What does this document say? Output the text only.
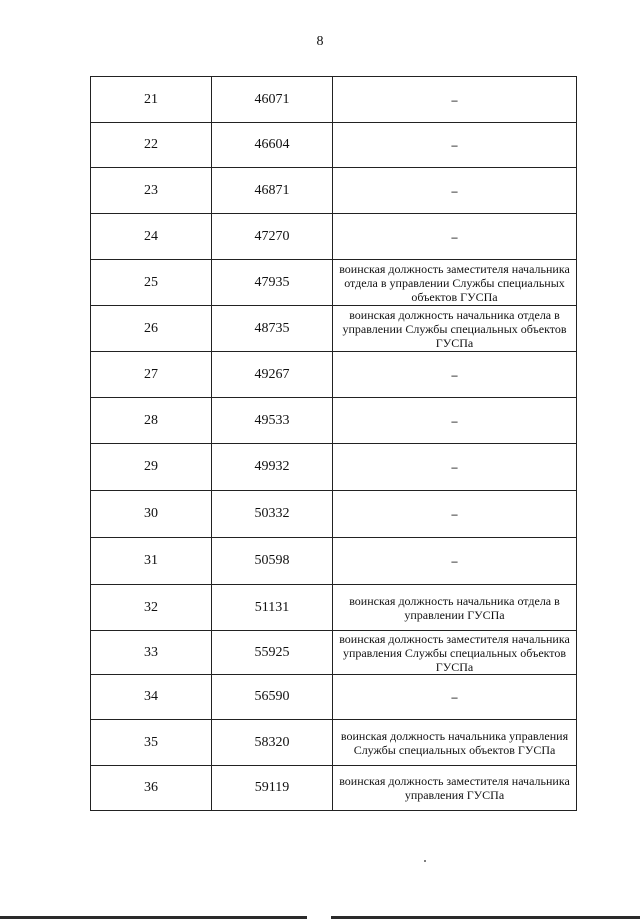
8
21	46071	–
22	46604	–
23	46871	–
24	47270	–
25	47935	воинская должность заместителя начальника отдела в управлении Службы специальных объектов ГУСПа
26	48735	воинская должность начальника отдела в управлении Службы специальных объектов ГУСПа
27	49267	–
28	49533	–
29	49932	–
30	50332	–
31	50598	–
32	51131	воинская должность начальника отдела в управлении ГУСПа
33	55925	воинская должность заместителя начальника управления Службы специальных объектов ГУСПа
34	56590	–
35	58320	воинская должность начальника управления Службы специальных объектов ГУСПа
36	59119	воинская должность заместителя начальника управления ГУСПа
